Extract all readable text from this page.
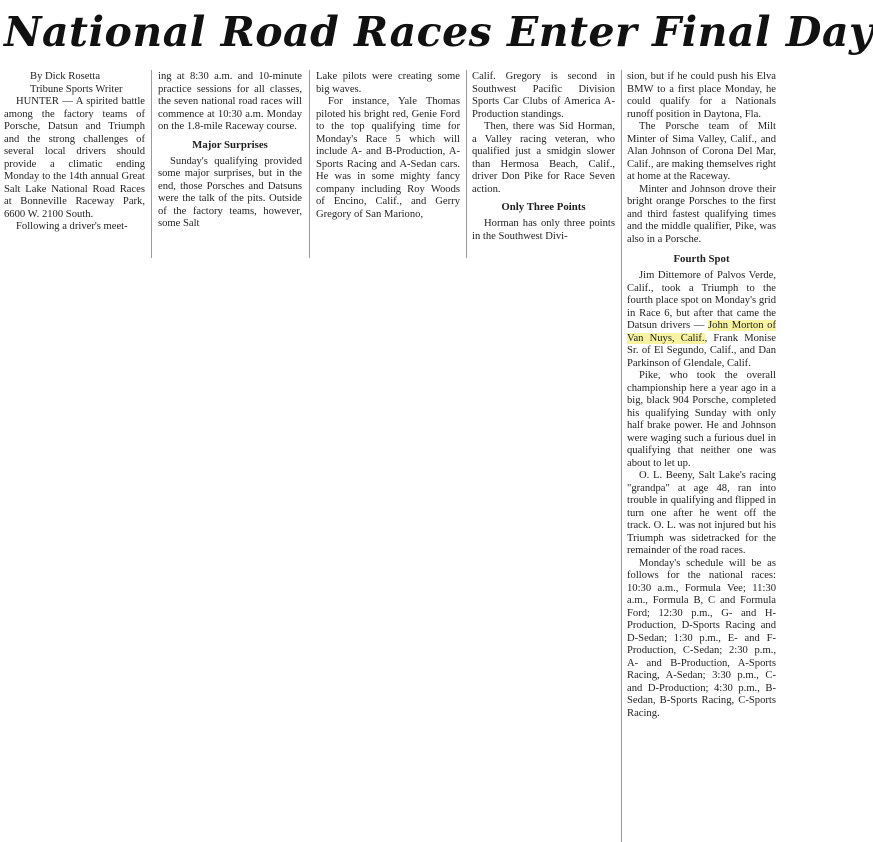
National Road Races Enter Final Day

By Dick Rosetta

Tribune Sports Writer

HUNTER — A spirited battle among the factory teams of Porsche, Datsun and Triumph and the strong challenges of several local drivers should provide a climatic ending Monday to the 14th annual Great Salt Lake National Road Races at Bonneville Raceway Park, 6600 W. 2100 South.

Following a driver's meet-

ing at 8:30 a.m. and 10-minute practice sessions for all classes, the seven national road races will commence at 10:30 a.m. Monday on the 1.8-mile Raceway course.

Major Surprises

Sunday's qualifying provided some major surprises, but in the end, those Porsches and Datsuns were the talk of the pits. Outside of the factory teams, however, some Salt

Lake pilots were creating some big waves.

For instance, Yale Thomas piloted his bright red, Genie Ford to the top qualifying time for Monday's Race 5 which will include A- and B-Production, A-Sports Racing and A-Sedan cars. He was in some mighty fancy company including Roy Woods of Encino, Calif., and Gerry Gregory of San Mariono,

Calif. Gregory is second in Southwest Pacific Division Sports Car Clubs of America A-Production standings.

Then, there was Sid Horman, a Valley racing veteran, who qualified just a smidgin slower than Hermosa Beach, Calif., driver Don Pike for Race Seven action.

Only Three Points

Horman has only three points in the Southwest Divi-

sion, but if he could push his Elva BMW to a first place Monday, he could qualify for a Nationals runoff position in Daytona, Fla.

The Porsche team of Milt Minter of Sima Valley, Calif., and Alan Johnson of Corona Del Mar, Calif., are making themselves right at home at the Raceway.

Minter and Johnson drove their bright orange Porsches to the first and third fastest qualifying times and the middle qualifier, Pike, was also in a Porsche.

Fourth Spot

Jim Dittemore of Palvos Verde, Calif., took a Triumph to the fourth place spot on Monday's grid in Race 6, but after that came the Datsun drivers — John Morton of Van Nuys, Calif., Frank Monise Sr. of El Segundo, Calif., and Dan Parkinson of Glendale, Calif.

Pike, who took the overall championship here a year ago in a big, black 904 Porsche, completed his qualifying Sunday with only half brake power. He and Johnson were waging such a furious duel in qualifying that neither one was about to let up.

O. L. Beeny, Salt Lake's racing "grandpa" at age 48, ran into trouble in qualifying and flipped in turn one after he went off the track. O. L. was not injured but his Triumph was sidetracked for the remainder of the road races.

Monday's schedule will be as follows for the national races: 10:30 a.m., Formula Vee; 11:30 a.m., Formula B, C and Formula Ford; 12:30 p.m., G- and H-Production, D-Sports Racing and D-Sedan; 1:30 p.m., E- and F-Production, C-Sedan; 2:30 p.m., A- and B-Production, A-Sports Racing, A-Sedan; 3:30 p.m., C- and D-Production; 4:30 p.m., B-Sedan, B-Sports Racing, C-Sports Racing.
